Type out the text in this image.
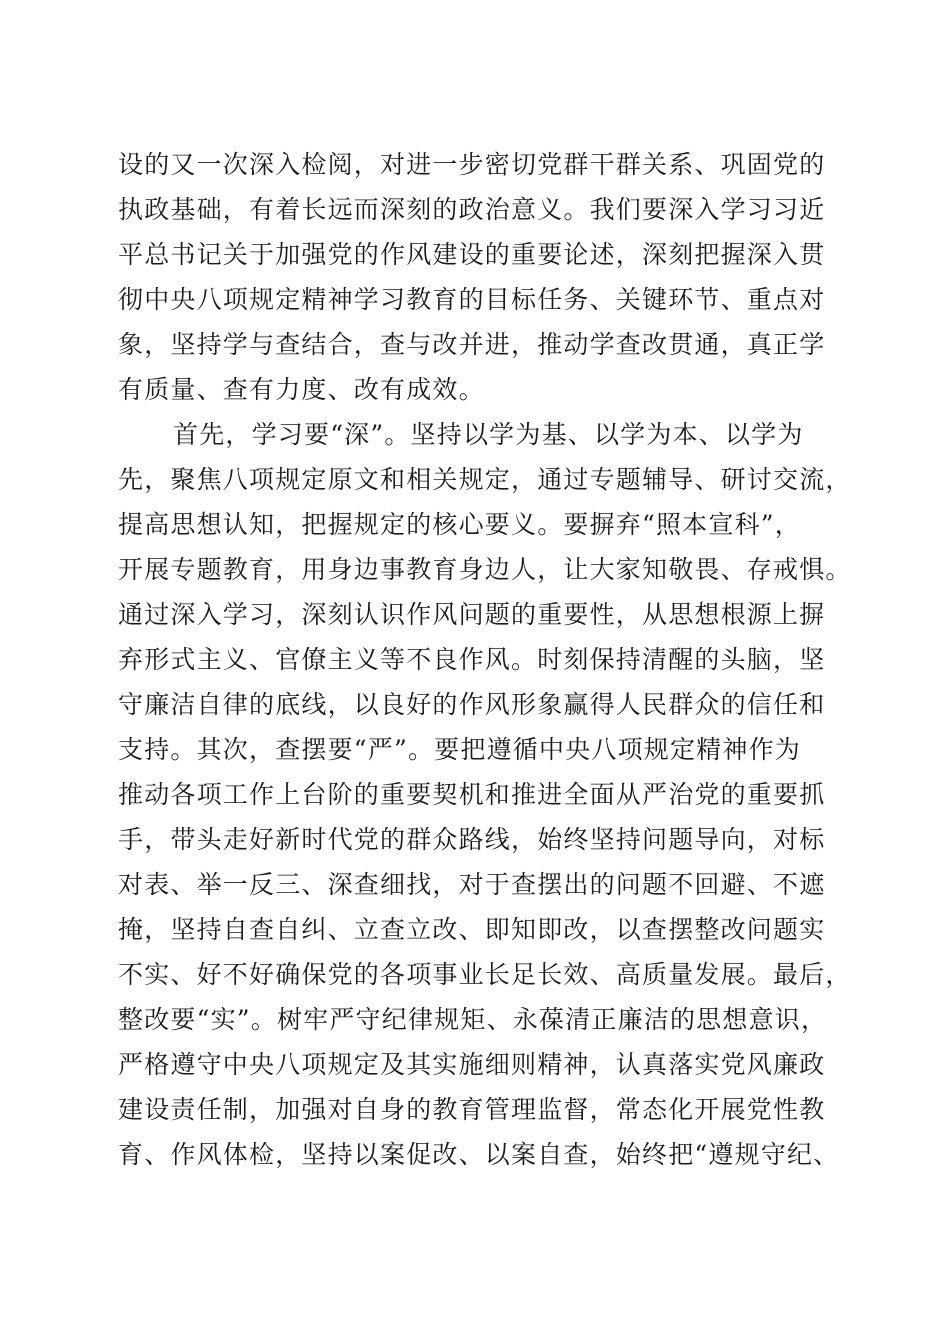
设的又一次深入检阅，对进一步密切党群干群关系、巩固党的
执政基础，有着长远而深刻的政治意义。我们要深入学习习近
平总书记关于加强党的作风建设的重要论述，深刻把握深入贯
彻中央八项规定精神学习教育的目标任务、关键环节、重点对
象，坚持学与查结合，查与改并进，推动学查改贯通，真正学
有质量、查有力度、改有成效。
首先，学习要“深”。坚持以学为基、以学为本、以学为
先，聚焦八项规定原文和相关规定，通过专题辅导、研讨交流，
提高思想认知，把握规定的核心要义。要摒弃“照本宣科”，
开展专题教育，用身边事教育身边人，让大家知敬畏、存戒惧。
通过深入学习，深刻认识作风问题的重要性，从思想根源上摒
弃形式主义、官僚主义等不良作风。时刻保持清醒的头脑，坚
守廉洁自律的底线，以良好的作风形象赢得人民群众的信任和
支持。其次，查摆要“严”。要把遵循中央八项规定精神作为
推动各项工作上台阶的重要契机和推进全面从严治党的重要抓
手，带头走好新时代党的群众路线，始终坚持问题导向，对标
对表、举一反三、深查细找，对于查摆出的问题不回避、不遮
掩，坚持自查自纠、立查立改、即知即改，以查摆整改问题实
不实、好不好确保党的各项事业长足长效、高质量发展。最后，
整改要“实”。树牢严守纪律规矩、永葆清正廉洁的思想意识，
严格遵守中央八项规定及其实施细则精神，认真落实党风廉政
建设责任制，加强对自身的教育管理监督，常态化开展党性教
育、作风体检，坚持以案促改、以案自查，始终把“遵规守纪、
